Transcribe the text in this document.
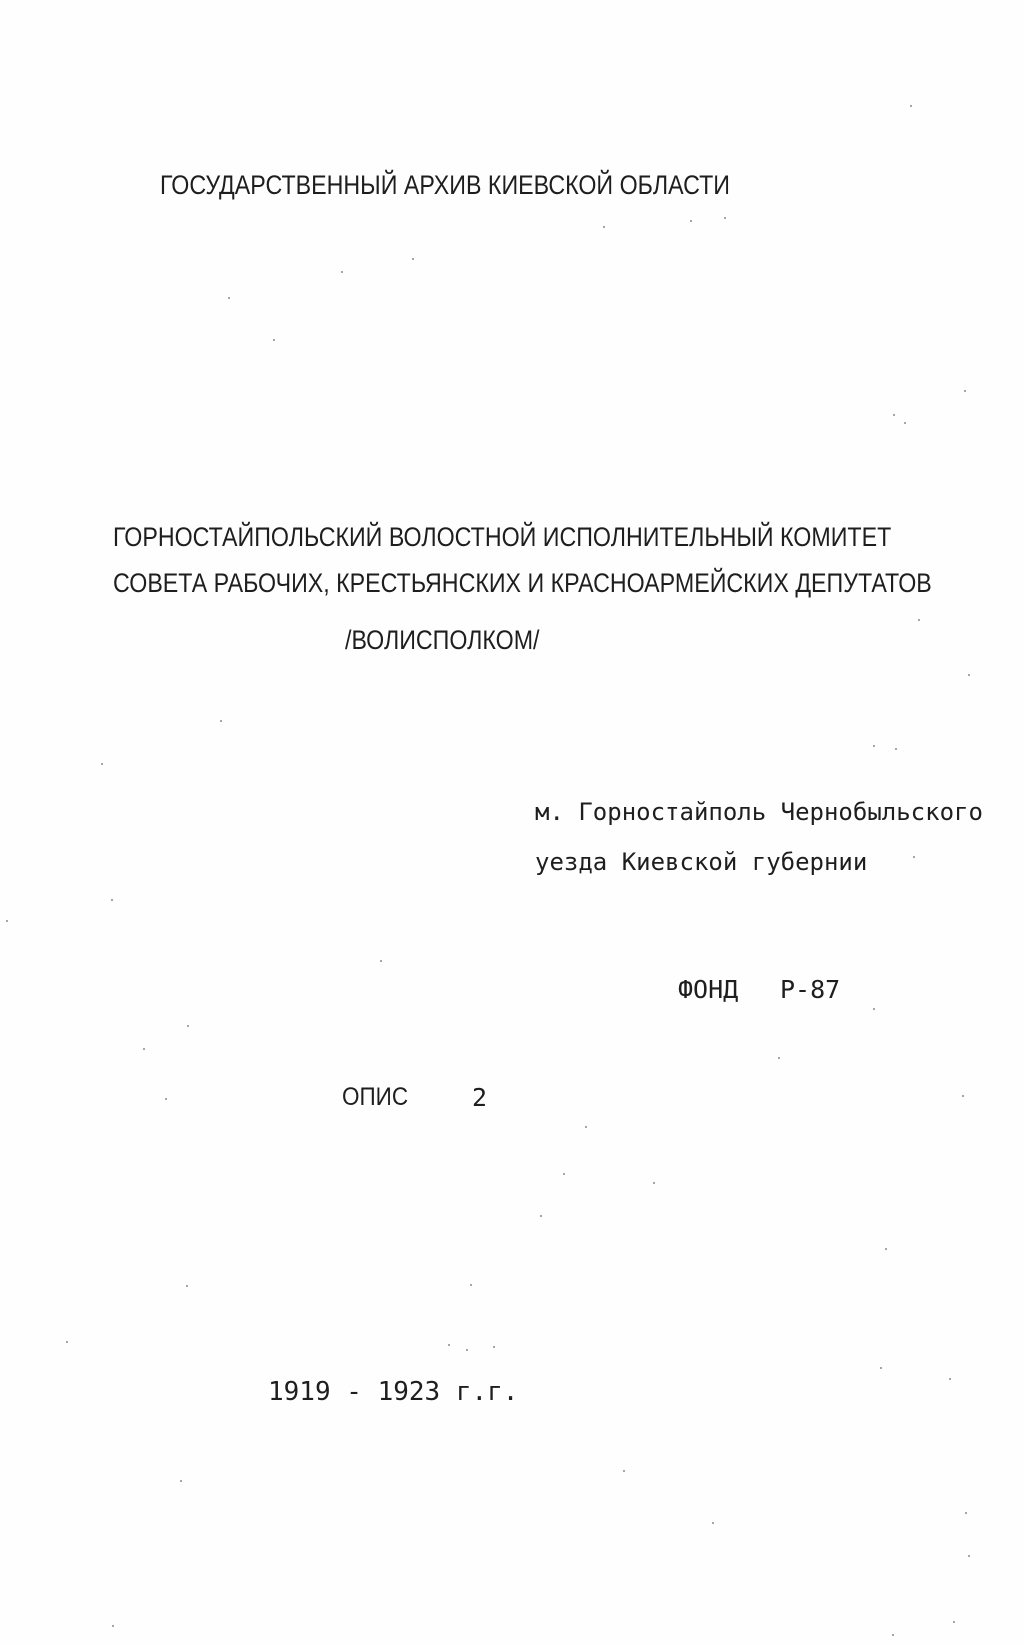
ГОСУДАРСТВЕННЫЙ АРХИВ КИЕВСКОЙ ОБЛАСТИ
ГОРНОСТАЙПОЛЬСКИЙ ВОЛОСТНОЙ ИСПОЛНИТЕЛЬНЫЙ КОМИТЕТ
СОВЕТА РАБОЧИХ, КРЕСТЬЯНСКИХ И КРАСНОАРМЕЙСКИХ ДЕПУТАТОВ
/ВОЛИСПОЛКОМ/
м. Горностайполь Чернобыльского
уезда Киевской губернии
ФОНД Р-87
ОПИС	2
1919 - 1923 г.г.
